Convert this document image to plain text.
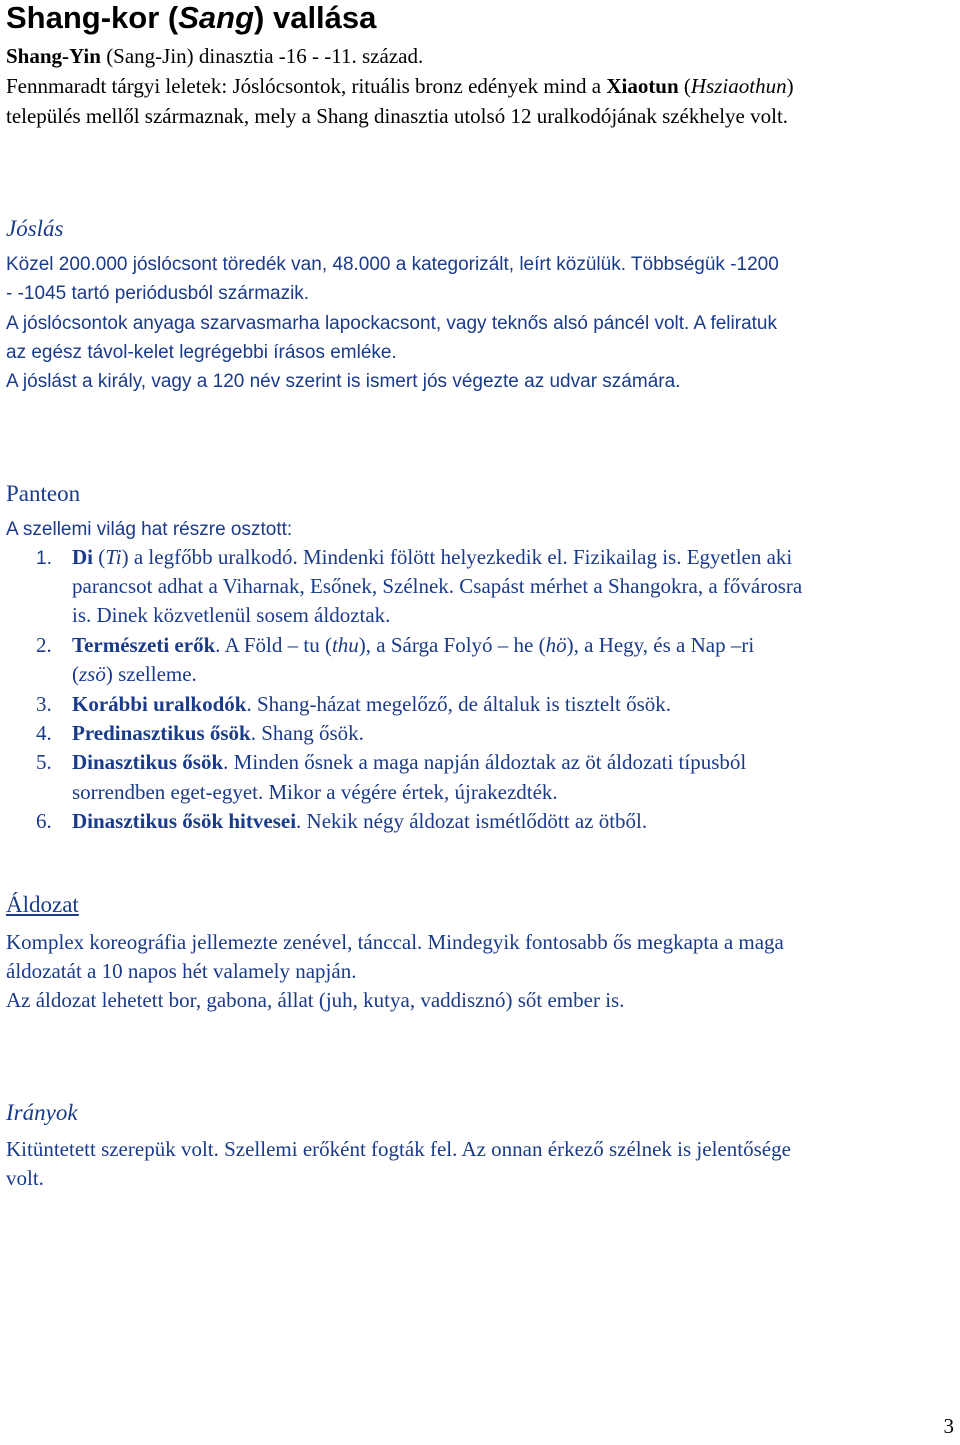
Shang-kor (Sang) vallása
Shang-Yin (Sang-Jin) dinasztia -16 - -11. század.
Fennmaradt tárgyi leletek: Jóslócsontok, rituális bronz edények mind a Xiaotun (Hsziaothun)
település mellől származnak, mely a Shang dinasztia utolsó 12 uralkodójának székhelye volt.
Jóslás
Közel 200.000 jóslócsont töredék van, 48.000 a kategorizált, leírt közülük. Többségük -1200
- -1045 tartó periódusból származik.
A jóslócsontok anyaga szarvasmarha lapockacsont, vagy teknős alsó páncél volt. A feliratuk
az egész távol-kelet legrégebbi írásos emléke.
A jóslást a király, vagy a 120 név szerint is ismert jós végezte az udvar számára.
Panteon
A szellemi világ hat részre osztott:
1. Di (Ti) a legfőbb uralkodó. Mindenki fölött helyezkedik el. Fizikailag is. Egyetlen aki
parancsot adhat a Viharnak, Esőnek, Szélnek. Csapást mérhet a Shangokra, a fővárosra
is. Dinek közvetlenül sosem áldoztak.
2. Természeti erők. A Föld – tu (thu), a Sárga Folyó – he (hö), a Hegy, és a Nap –ri
(zsö) szelleme.
3. Korábbi uralkodók. Shang-házat megelőző, de általuk is tisztelt ősök.
4. Predinasztikus ősök. Shang ősök.
5. Dinasztikus ősök. Minden ősnek a maga napján áldoztak az öt áldozati típusból
sorrendben eget-egyet. Mikor a végére értek, újrakezdték.
6. Dinasztikus ősök hitvesei. Nekik négy áldozat ismétlődött az ötből.
Áldozat
Komplex koreográfia jellemezte zenével, tánccal. Mindegyik fontosabb ős megkapta a maga
áldozatát a 10 napos hét valamely napján.
Az áldozat lehetett bor, gabona, állat (juh, kutya, vaddisznó) sőt ember is.
Irányok
Kitüntetett szerepük volt. Szellemi erőként fogták fel. Az onnan érkező szélnek is jelentősége
volt.
3
